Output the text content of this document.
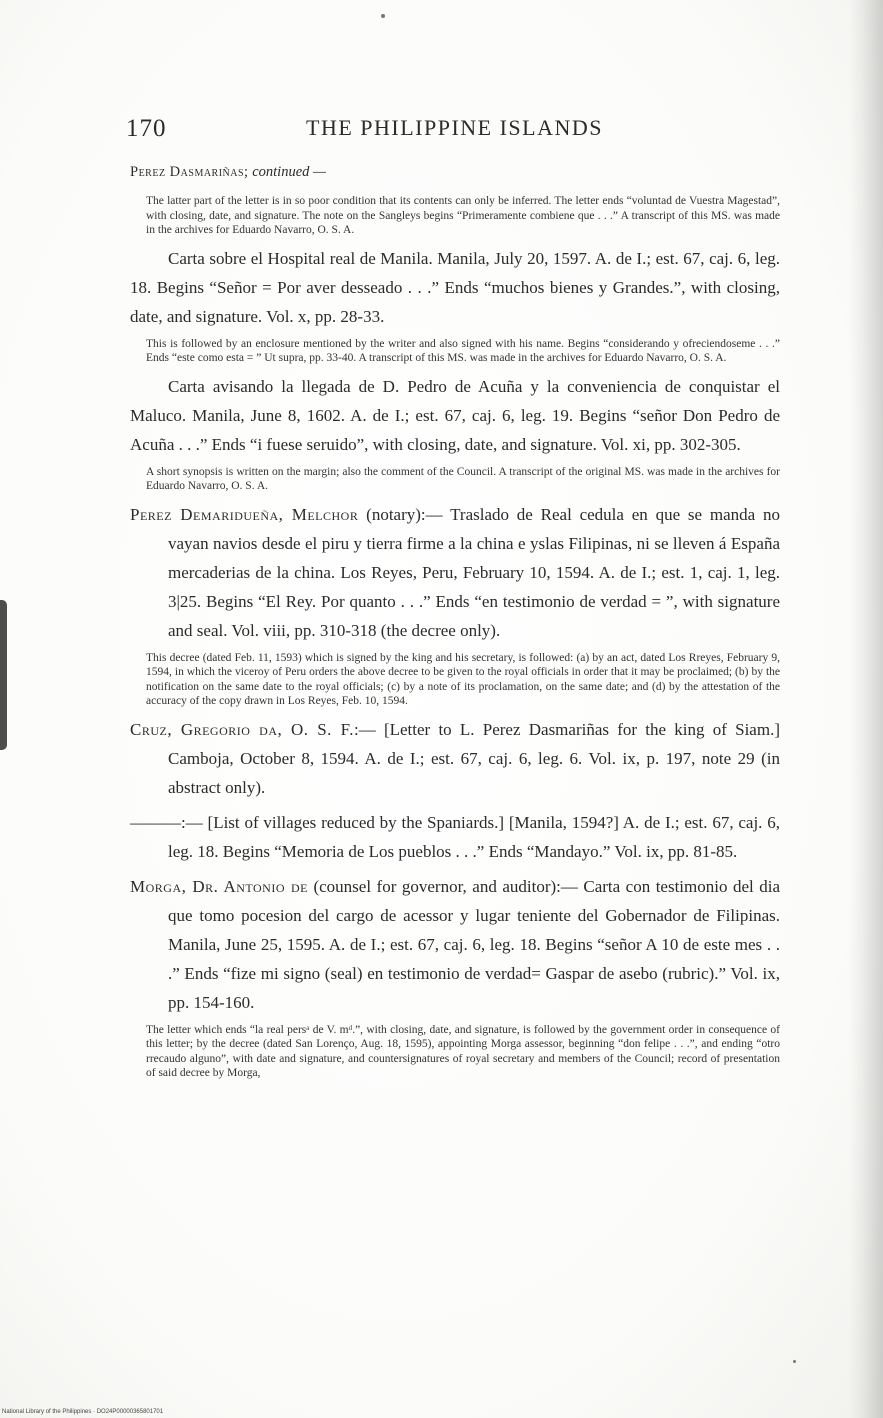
170	THE PHILIPPINE ISLANDS

Perez Dasmariñas; continued —

The latter part of the letter is in so poor condition that its contents can only be inferred. The letter ends “voluntad de Vuestra Magestad”, with closing, date, and signature. The note on the Sangleys begins “Primeramente combiene que . . .” A transcript of this MS. was made in the archives for Eduardo Navarro, O. S. A.

Carta sobre el Hospital real de Manila. Manila, July 20, 1597. A. de I.; est. 67, caj. 6, leg. 18. Begins “Señor = Por aver desseado . . .” Ends “muchos bienes y Grandes.”, with closing, date, and signature. Vol. x, pp. 28-33.

This is followed by an enclosure mentioned by the writer and also signed with his name. Begins “considerando y ofreciendoseme . . .” Ends “este como esta = ” Ut supra, pp. 33-40. A transcript of this MS. was made in the archives for Eduardo Navarro, O. S. A.

Carta avisando la llegada de D. Pedro de Acuña y la conveniencia de conquistar el Maluco. Manila, June 8, 1602. A. de I.; est. 67, caj. 6, leg. 19. Begins “señor Don Pedro de Acuña . . .” Ends “i fuese seruido”, with closing, date, and signature. Vol. xi, pp. 302-305.

A short synopsis is written on the margin; also the comment of the Council. A transcript of the original MS. was made in the archives for Eduardo Navarro, O. S. A.

Perez Demaridueña, Melchor (notary):— Traslado de Real cedula en que se manda no vayan navios desde el piru y tierra firme a la china e yslas Filipinas, ni se lleven á España mercaderias de la china. Los Reyes, Peru, February 10, 1594. A. de I.; est. 1, caj. 1, leg. 3|25. Begins “El Rey. Por quanto . . .” Ends “en testimonio de verdad = ”, with signature and seal. Vol. viii, pp. 310-318 (the decree only).

This decree (dated Feb. 11, 1593) which is signed by the king and his secretary, is followed: (a) by an act, dated Los Rreyes, February 9, 1594, in which the viceroy of Peru orders the above decree to be given to the royal officials in order that it may be proclaimed; (b) by the notification on the same date to the royal officials; (c) by a note of its proclamation, on the same date; and (d) by the attestation of the accuracy of the copy drawn in Los Reyes, Feb. 10, 1594.

Cruz, Gregorio da, O. S. F.:— [Letter to L. Perez Dasmariñas for the king of Siam.] Camboja, October 8, 1594. A. de I.; est. 67, caj. 6, leg. 6. Vol. ix, p. 197, note 29 (in abstract only).

———:— [List of villages reduced by the Spaniards.] [Manila, 1594?] A. de I.; est. 67, caj. 6, leg. 18. Begins “Memoria de Los pueblos . . .” Ends “Mandayo.” Vol. ix, pp. 81-85.

Morga, Dr. Antonio de (counsel for governor, and auditor):— Carta con testimonio del dia que tomo pocesion del cargo de acessor y lugar teniente del Gobernador de Filipinas. Manila, June 25, 1595. A. de I.; est. 67, caj. 6, leg. 18. Begins “señor A 10 de este mes . . .” Ends “fize mi signo (seal) en testimonio de verdad= Gaspar de asebo (rubric).” Vol. ix, pp. 154-160.

The letter which ends “la real persᵃ de V. mᵈ.”, with closing, date, and signature, is followed by the government order in consequence of this letter; by the decree (dated San Lorenço, Aug. 18, 1595), appointing Morga assessor, beginning “don felipe . . .”, and ending “otro rrecaudo alguno”, with date and signature, and countersignatures of royal secretary and members of the Council; record of presentation of said decree by Morga,

National Library of the Philippines · DO24P00000365801701
